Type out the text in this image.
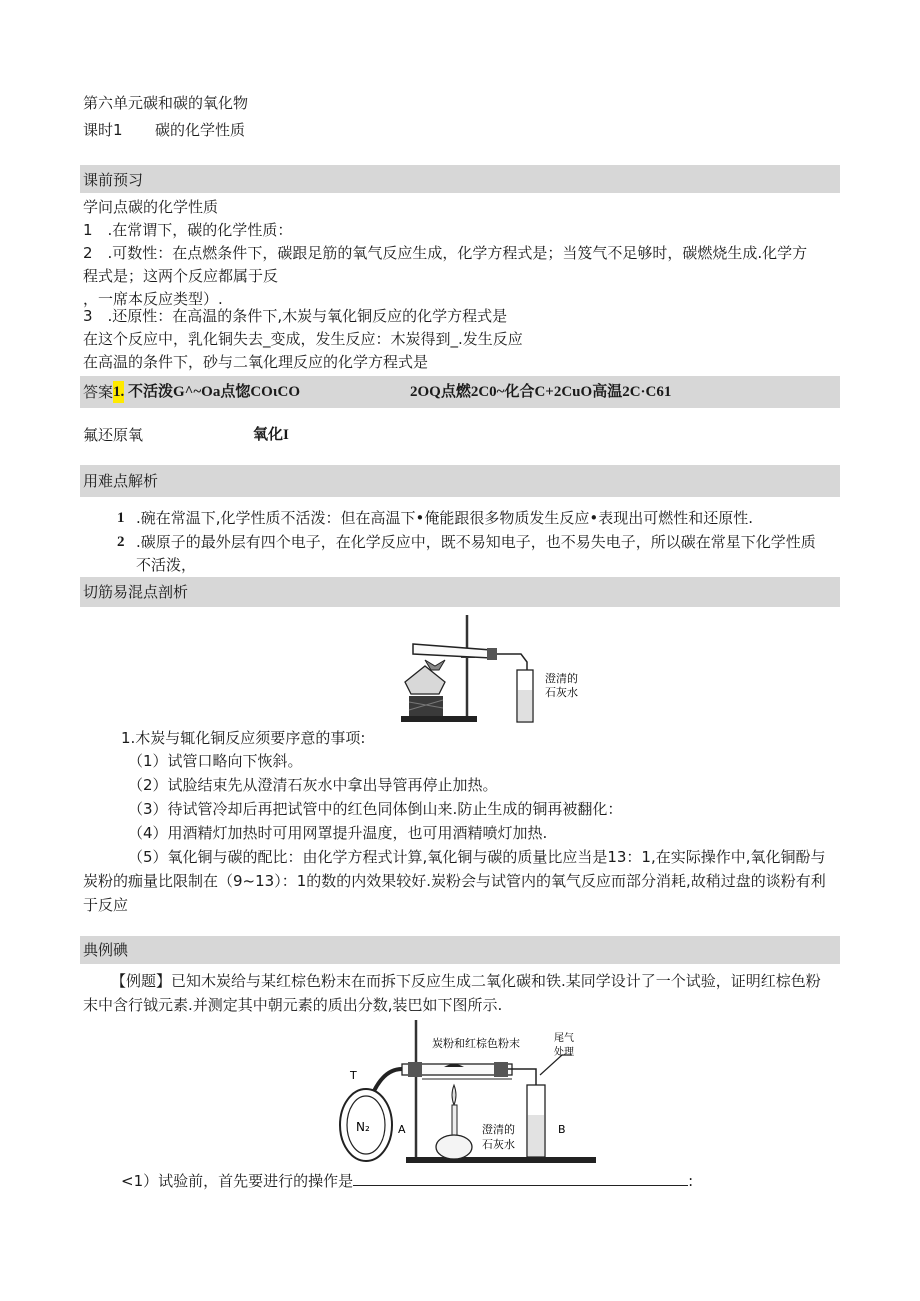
第六单元碳和碳的氧化物
课时1 碳的化学性质
课前预习
学问点碳的化学性质
1　.在常谓下，碳的化学性质：
2　.可数性：在点燃条件下，碳跟足筋的氧气反应生成，化学方程式是；当笈气不足够时，碳燃烧生成.化学方
程式是；这两个反应都属于反
，一席本反应类型）.
3　.还原性：在高温的条件下,木炭与氧化铜反应的化学方程式是
在这个反应中，乳化铜失去_变成，发生反应：木炭得到_.发生反应
在高温的条件下，砂与二氧化理反应的化学方程式是
答案 1. 不活泼G^~Oa点惚COιCO	2OQ点燃2C0~化合C+2CuO高温2C·C61
氟还原氧	氧化I
用难点解析
1 .碗在常温下,化学性质不活泼：但在高温下•俺能跟很多物质发生反应•表现出可燃性和还原性.
2 .碳原子的最外层有四个电子，在化学反应中，既不易知电子，也不易失电子，所以碳在常星下化学性质
不活泼，
切筋易混点剖析
澄清的
石灰水
1.木炭与辄化铜反应须要序意的事项:
（1）试管口略向下恢斜。
（2）试脸结束先从澄清石灰水中拿出导管再停止加热。
（3）待试管冷却后再把试管中的红色同体倒山来.防止生成的铜再被翻化：
（4）用酒精灯加热时可用网罩提升温度，也可用酒精喷灯加热.
（5）氧化铜与碳的配比：由化学方程式计算,氧化铜与碳的质量比应当是13：1,在实际操作中,氧化铜酚与
炭粉的痂量比限制在（9~13）：1的数的内效果较好.炭粉会与试管内的氧气反应而部分消耗,故稍过盘的谈粉有利
于反应
典例碘
【例题】已知木炭给与某红棕色粉末在而拆下反应生成二氧化碳和铁.某同学设计了一个试验，证明红棕色粉
末中含行钺元素.并测定其中朝元素的质出分数,装巴如下图所示.
N₂
T
A
炭粉和红棕色粉末	尾气
处理
B
澄清的
石灰水
<1）试验前，首先要进行的操作是	:
